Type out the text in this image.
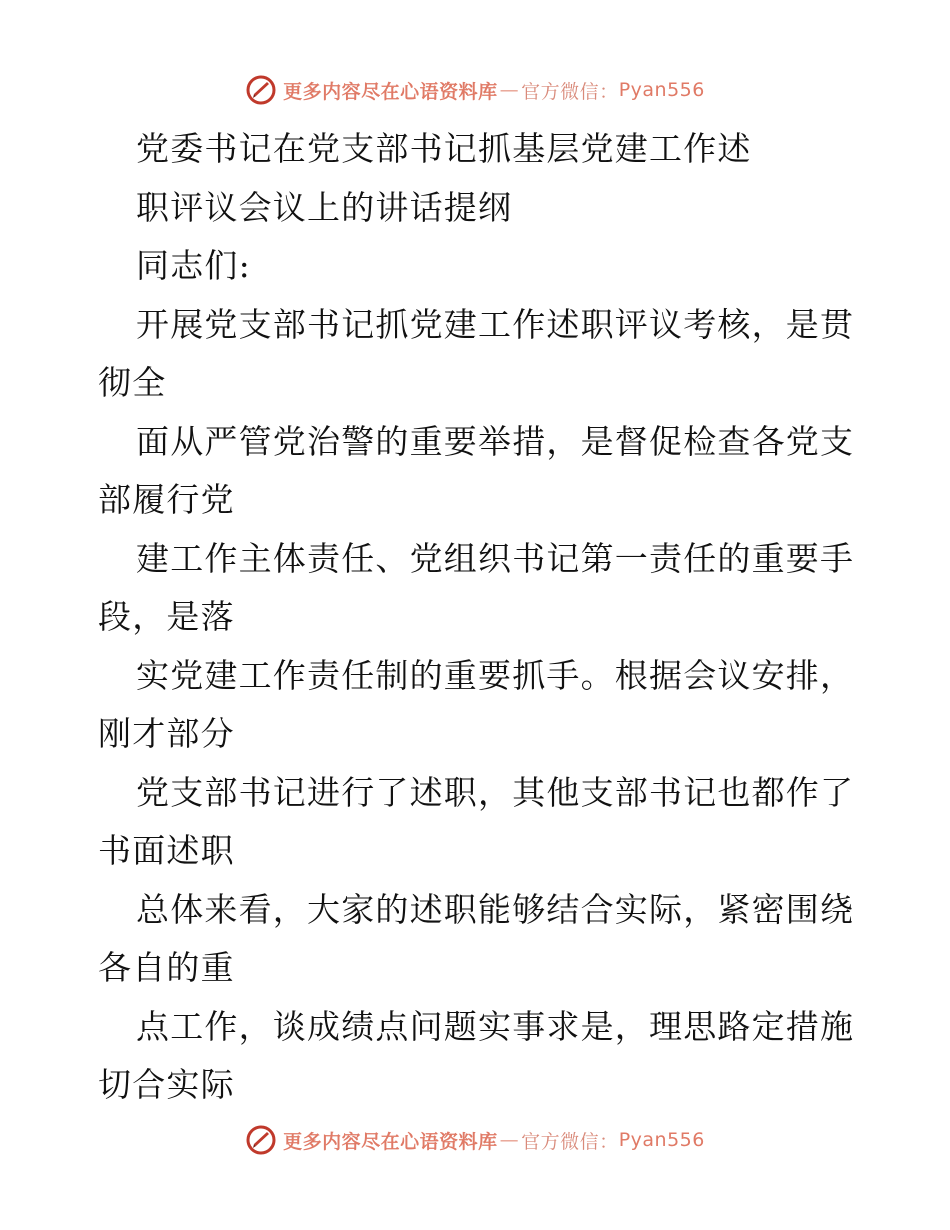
更多内容尽在心语资料库 — 官方微信： Pyan556
党委书记在党支部书记抓基层党建工作述
职评议会议上的讲话提纲
同志们:
开展党支部书记抓党建工作述职评议考核，是贯
彻全
面从严管党治警的重要举措，是督促检查各党支
部履行党
建工作主体责任、党组织书记第一责任的重要手
段，是落
实党建工作责任制的重要抓手。根据会议安排，
刚才部分
党支部书记进行了述职，其他支部书记也都作了
书面述职
总体来看，大家的述职能够结合实际，紧密围绕
各自的重
点工作，谈成绩点问题实事求是，理思路定措施
切合实际
更多内容尽在心语资料库 — 官方微信： Pyan556
